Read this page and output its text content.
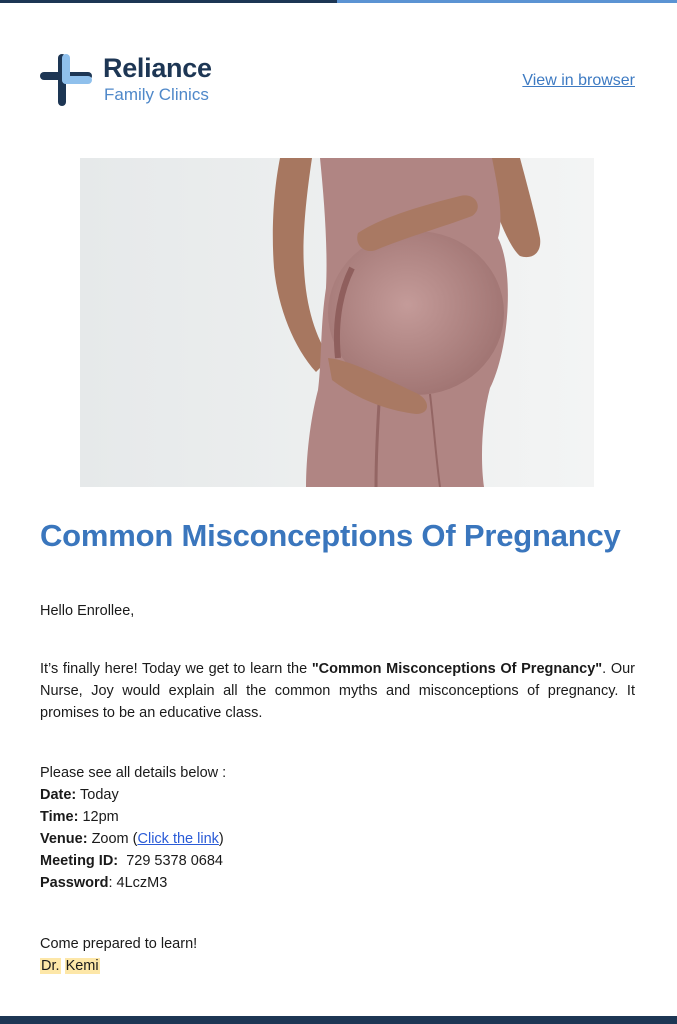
Reliance
Family Clinics
View in browser
Common Misconceptions Of Pregnancy
Hello Enrollee,
It’s finally here! Today we get to learn the "Common Misconceptions Of Pregnancy". Our Nurse, Joy would explain all the common myths and misconceptions of pregnancy. It promises to be an educative class.
Please see all details below :
Date: Today
Time: 12pm
Venue: Zoom (Click the link)
Meeting ID:  729 5378 0684
Password: 4LczM3
Come prepared to learn!
Dr. Kemi
